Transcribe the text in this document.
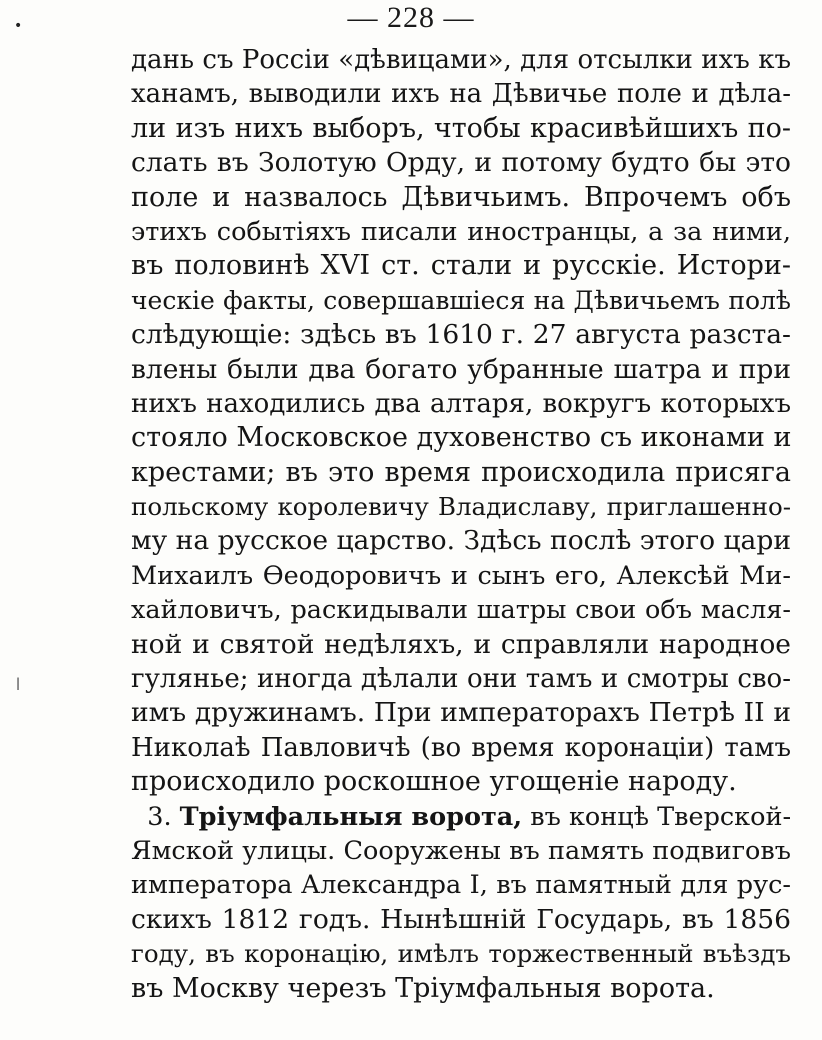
— 228 —
•
дань съ Россіи «дѣвицами», для отсылки ихъ къ
ханамъ, выводили ихъ на Дѣвичье поле и дѣла-
ли изъ нихъ выборъ, чтобы красивѣйшихъ по-
слать въ Золотую Орду, и потому будто бы это
поле и назвалось Дѣвичьимъ. Впрочемъ объ
этихъ событіяхъ писали иностранцы, а за ними,
въ половинѣ XVI ст. стали и русскіе. Истори-
ческіе факты, совершавшіеся на Дѣвичьемъ полѣ
слѣдующіе: здѣсь въ 1610 г. 27 августа разста-
влены были два богато убранные шатра и при
нихъ находились два алтаря, вокругъ которыхъ
стояло Московское духовенство съ иконами и
крестами; въ это время происходила присяга
польскому королевичу Владиславу, приглашенно-
му на русское царство. Здѣсь послѣ этого цари
Михаилъ Ѳеодоровичъ и сынъ его, Алексѣй Ми-
хайловичъ, раскидывали шатры свои объ масля-
ной и святой недѣляхъ, и справляли народное
гулянье; иногда дѣлали они тамъ и смотры сво-
имъ дружинамъ. При императорахъ Петрѣ II и
Николаѣ Павловичѣ (во время коронаціи) тамъ
происходило роскошное угощеніе народу.
3. Тріумфальныя ворота, въ концѣ Тверской-
Ямской улицы. Сооружены въ память подвиговъ
императора Александра I, въ памятный для рус-
скихъ 1812 годъ. Нынѣшній Государь, въ 1856
году, въ коронацію, имѣлъ торжественный въѣздъ
въ Москву черезъ Тріумфальныя ворота.
|
